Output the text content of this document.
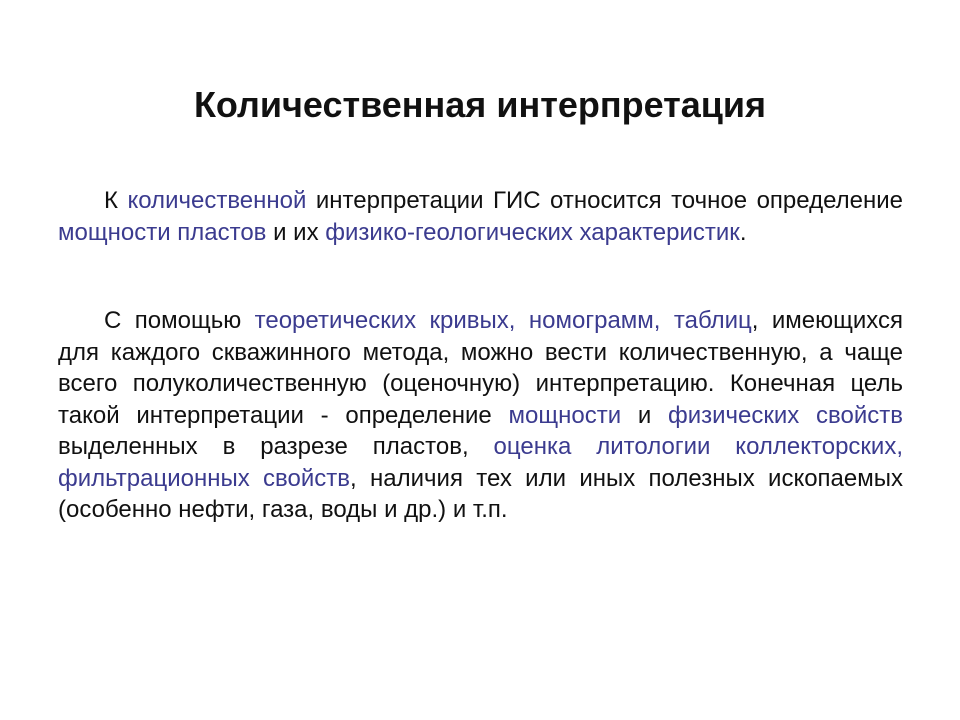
Количественная интерпретация
К количественной интерпретации ГИС относится точное определение мощности пластов и их физико-геологических характеристик.
С помощью теоретических кривых, номограмм, таблиц, имеющихся для каждого скважинного метода, можно вести количественную, а чаще всего полуколичественную (оценочную) интерпретацию. Конечная цель такой интерпретации - определение мощности и физических свойств выделенных в разрезе пластов, оценка литологии коллекторских, фильтрационных свойств, наличия тех или иных полезных ископаемых (особенно нефти, газа, воды и др.) и т.п.
